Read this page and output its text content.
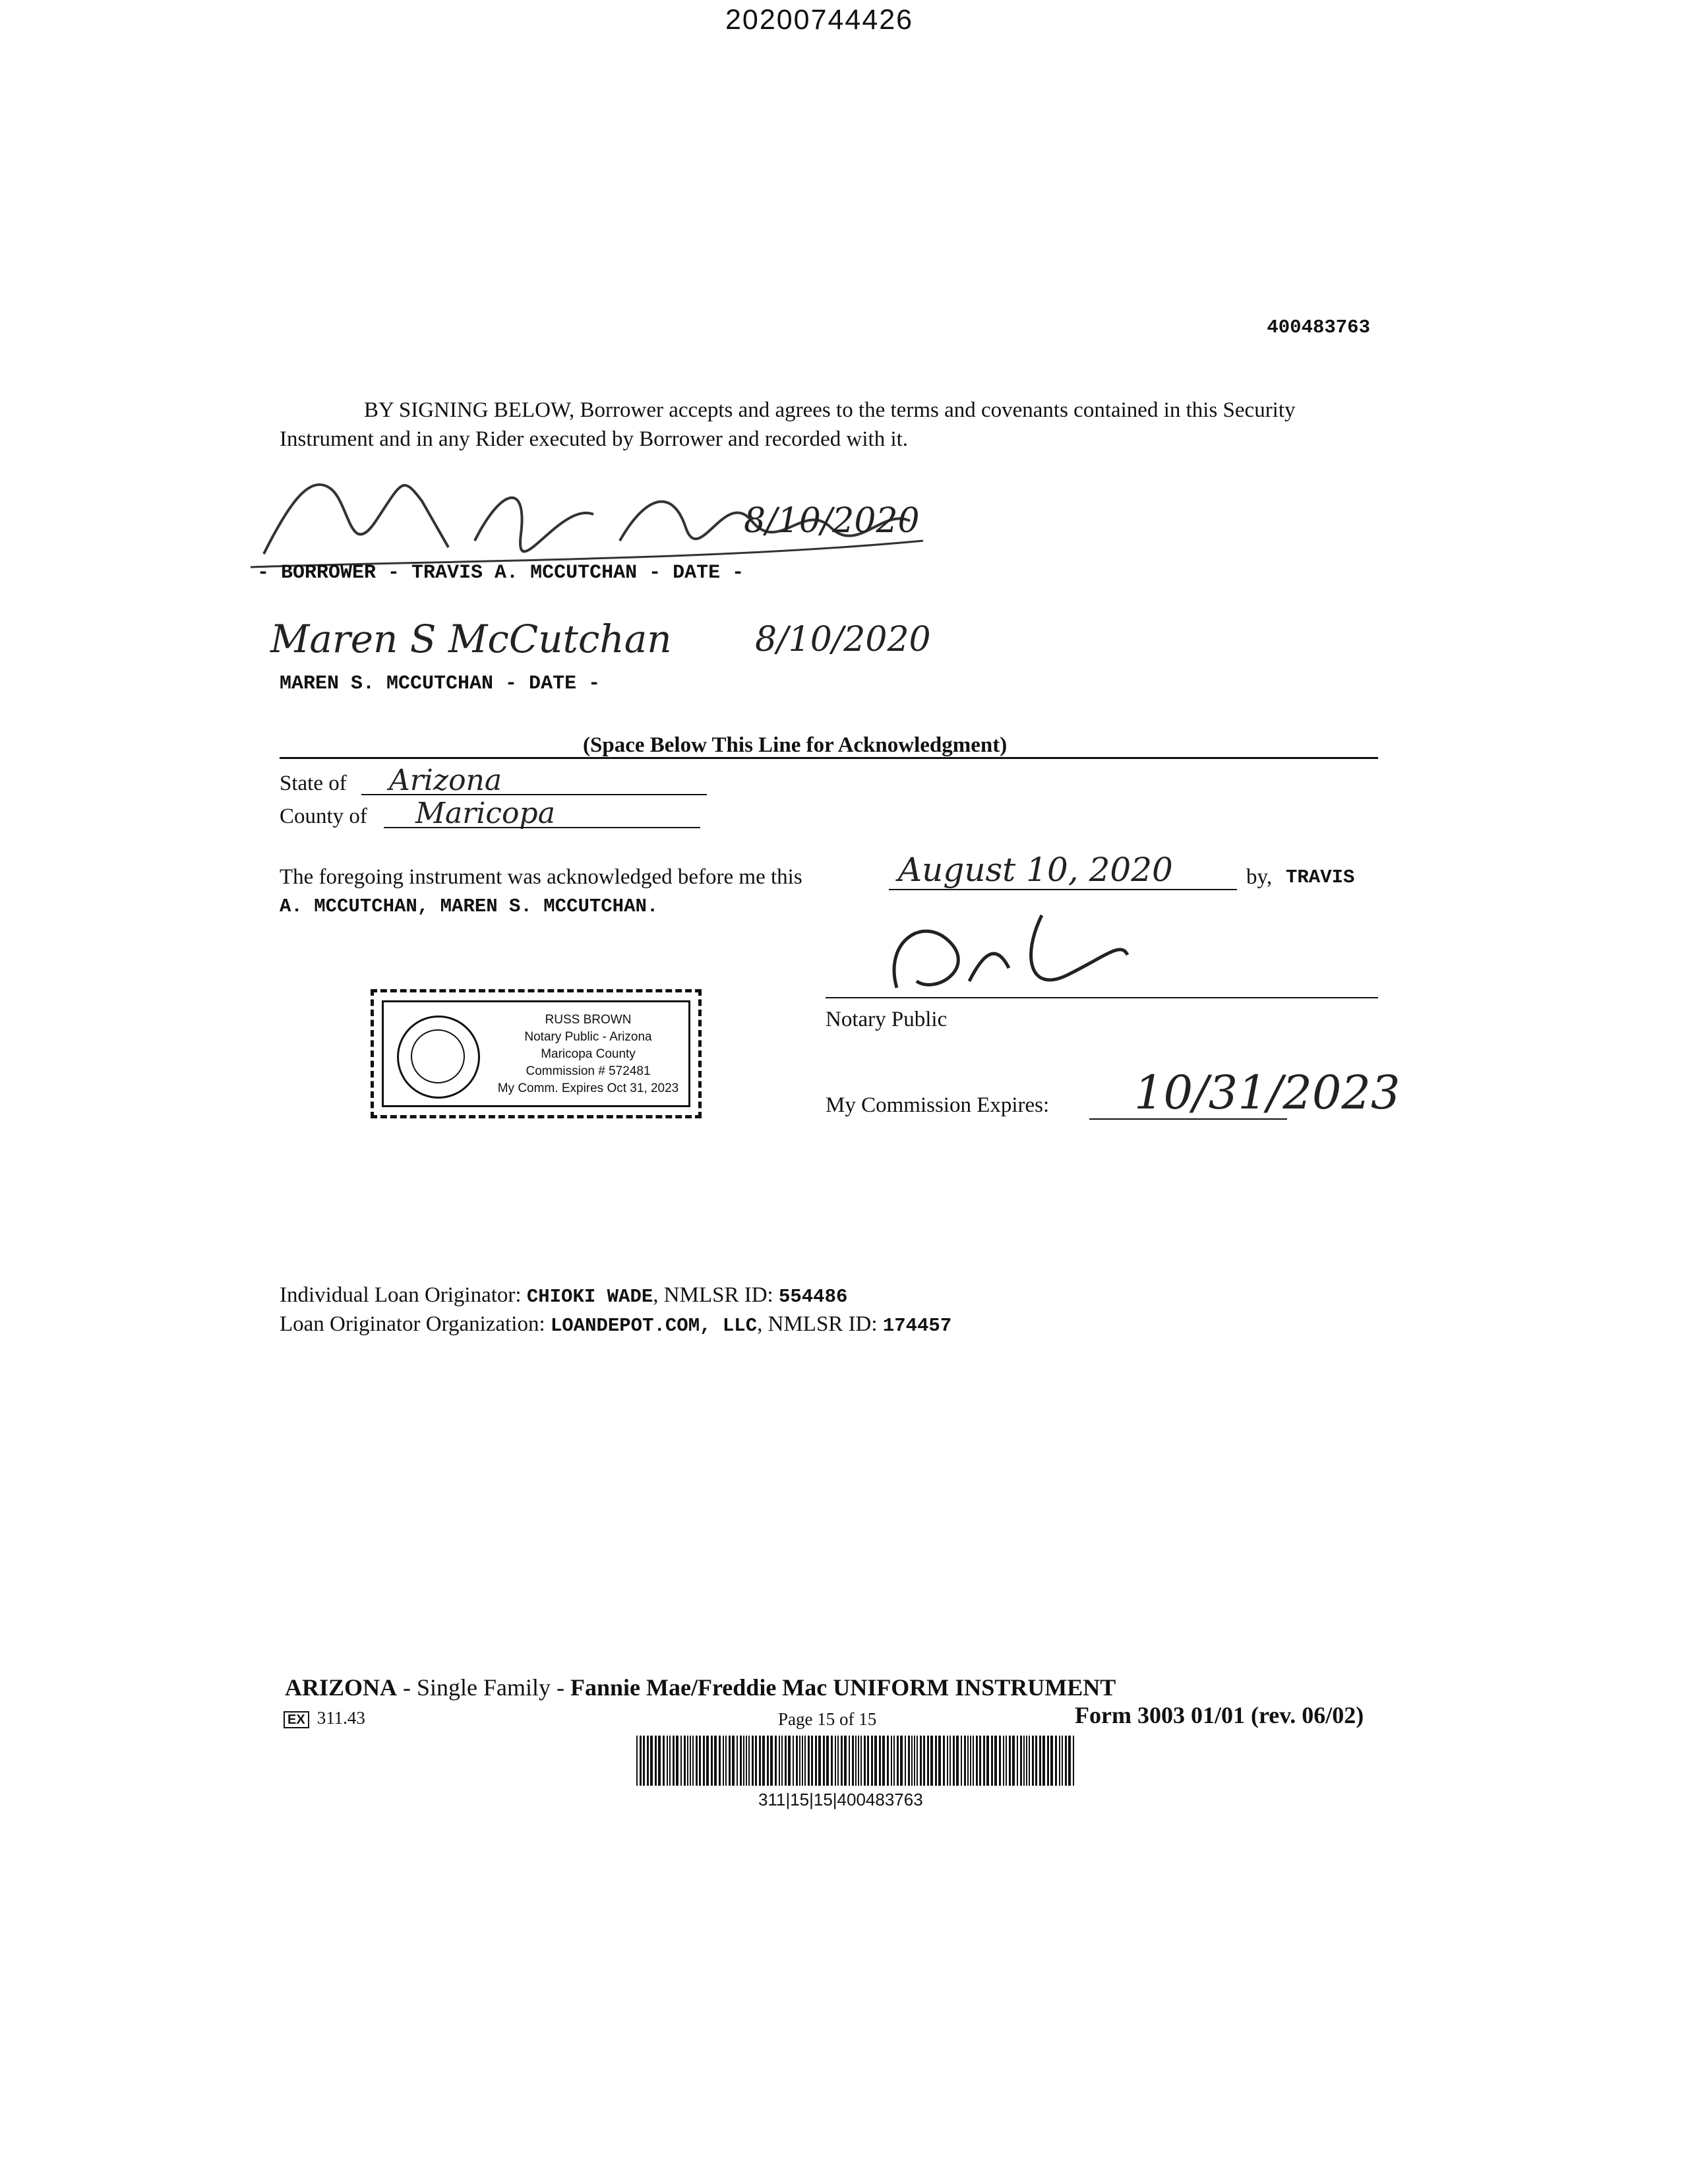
20200744426
400483763
BY SIGNING BELOW, Borrower accepts and agrees to the terms and covenants contained in this Security Instrument and in any Rider executed by Borrower and recorded with it.
8/10/2020
- BORROWER - TRAVIS A. MCCUTCHAN - DATE -
Maren S McCutchan 8/10/2020
MAREN S. MCCUTCHAN - DATE -
(Space Below This Line for Acknowledgment)
State of Arizona
County of Maricopa
The foregoing instrument was acknowledged before me this	August 10, 2020	by, TRAVIS
A. MCCUTCHAN, MAREN S. MCCUTCHAN.
Notary Public
RUSS BROWN
Notary Public - Arizona
Maricopa County
Commission # 572481
My Comm. Expires Oct 31, 2023
My Commission Expires: 10/31/2023
Individual Loan Originator: CHIOKI WADE, NMLSR ID: 554486
Loan Originator Organization: LOANDEPOT.COM, LLC, NMLSR ID: 174457
ARIZONA - Single Family - Fannie Mae/Freddie Mac UNIFORM INSTRUMENT
EX 311.43	Page 15 of 15	Form 3003 01/01 (rev. 06/02)
311|15|15|400483763
